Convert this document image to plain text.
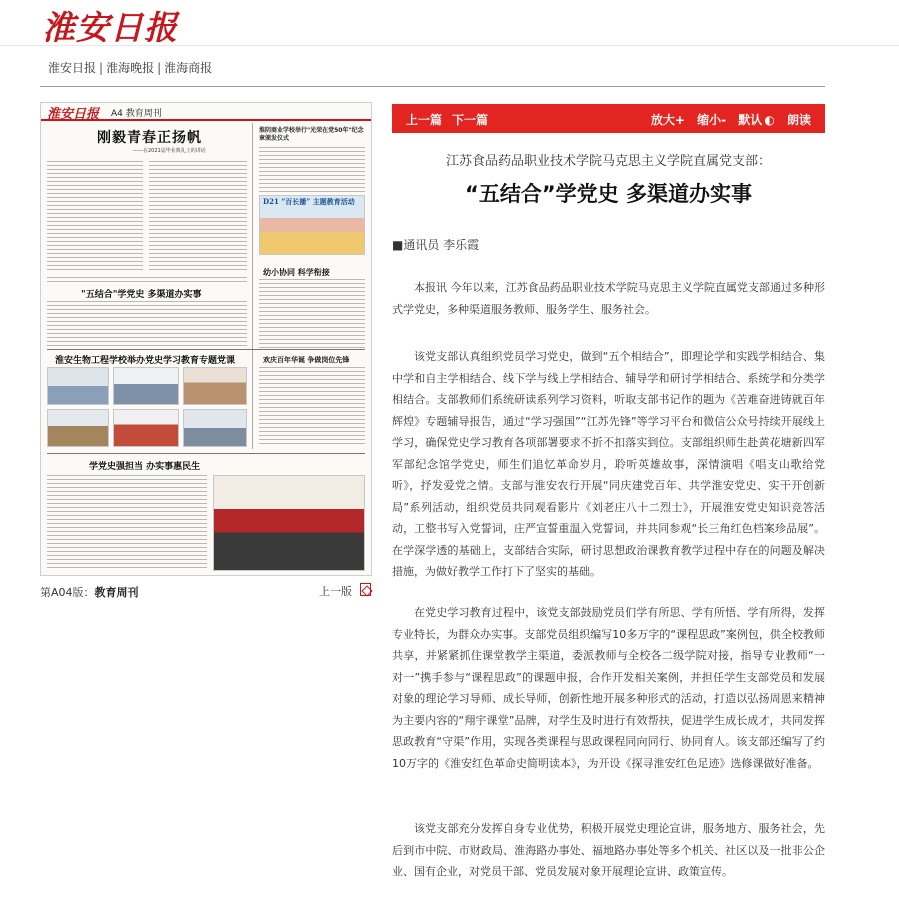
淮安日报
淮安日报 | 淮海晚报 | 淮海商报
淮安日报 A4 教育周刊
刚毅青春正扬帆
——在2021届毕业典礼上的讲话
淮阴商业学校举行"光荣在党50年"纪念章颁发仪式
D21 “百长播” 主题教育活动
幼小协同 科学衔接
"五结合"学党史 多渠道办实事
淮安生物工程学校举办党史学习教育专题党课	欢庆百年华诞 争做岗位先锋
学党史强担当 办实事惠民生
第A04版：教育周刊	上一版
上一篇 下一篇	放大+ 缩小- 默认 ◐ 朗读
江苏食品药品职业技术学院马克思主义学院直属党支部：
“五结合”学党史 多渠道办实事
■通讯员 李乐霞

本报讯 今年以来，江苏食品药品职业技术学院马克思主义学院直属党支部通过多种形式学党史，多种渠道服务教师、服务学生、服务社会。

该党支部认真组织党员学习党史，做到“五个相结合”，即理论学和实践学相结合、集中学和自主学相结合、线下学与线上学相结合、辅导学和研讨学相结合、系统学和分类学相结合。支部教师们系统研读系列学习资料，听取支部书记作的题为《苦难奋进铸就百年辉煌》专题辅导报告，通过“学习强国”“江苏先锋”等学习平台和微信公众号持续开展线上学习，确保党史学习教育各项部署要求不折不扣落实到位。支部组织师生赴黄花塘新四军军部纪念馆学党史，师生们追忆革命岁月，聆听英雄故事，深情演唱《唱支山歌给党听》，抒发爱党之情。支部与淮安农行开展“同庆建党百年、共学淮安党史、实干开创新局”系列活动，组织党员共同观看影片《刘老庄八十二烈士》，开展淮安党史知识竞答活动，工整书写入党誓词，庄严宣誓重温入党誓词，并共同参观“长三角红色档案珍品展”。在学深学透的基础上，支部结合实际，研讨思想政治课教育教学过程中存在的问题及解决措施，为做好教学工作打下了坚实的基础。

在党史学习教育过程中，该党支部鼓励党员们学有所思、学有所悟、学有所得，发挥专业特长，为群众办实事。支部党员组织编写10多万字的“课程思政”案例包，供全校教师共享，并紧紧抓住课堂教学主渠道，委派教师与全校各二级学院对接，指导专业教师“一对一”携手参与“课程思政”的课题申报，合作开发相关案例，并担任学生支部党员和发展对象的理论学习导师、成长导师，创新性地开展多种形式的活动，打造以弘扬周恩来精神为主要内容的“翔宇课堂”品牌，对学生及时进行有效帮扶，促进学生成长成才，共同发挥思政教育“守渠”作用，实现各类课程与思政课程同向同行、协同育人。该支部还编写了约10万字的《淮安红色革命史简明读本》，为开设《探寻淮安红色足迹》选修课做好准备。

该党支部充分发挥自身专业优势，积极开展党史理论宣讲，服务地方、服务社会，先后到市中院、市财政局、淮海路办事处、福地路办事处等多个机关、社区以及一批非公企业、国有企业，对党员干部、党员发展对象开展理论宣讲、政策宣传。
